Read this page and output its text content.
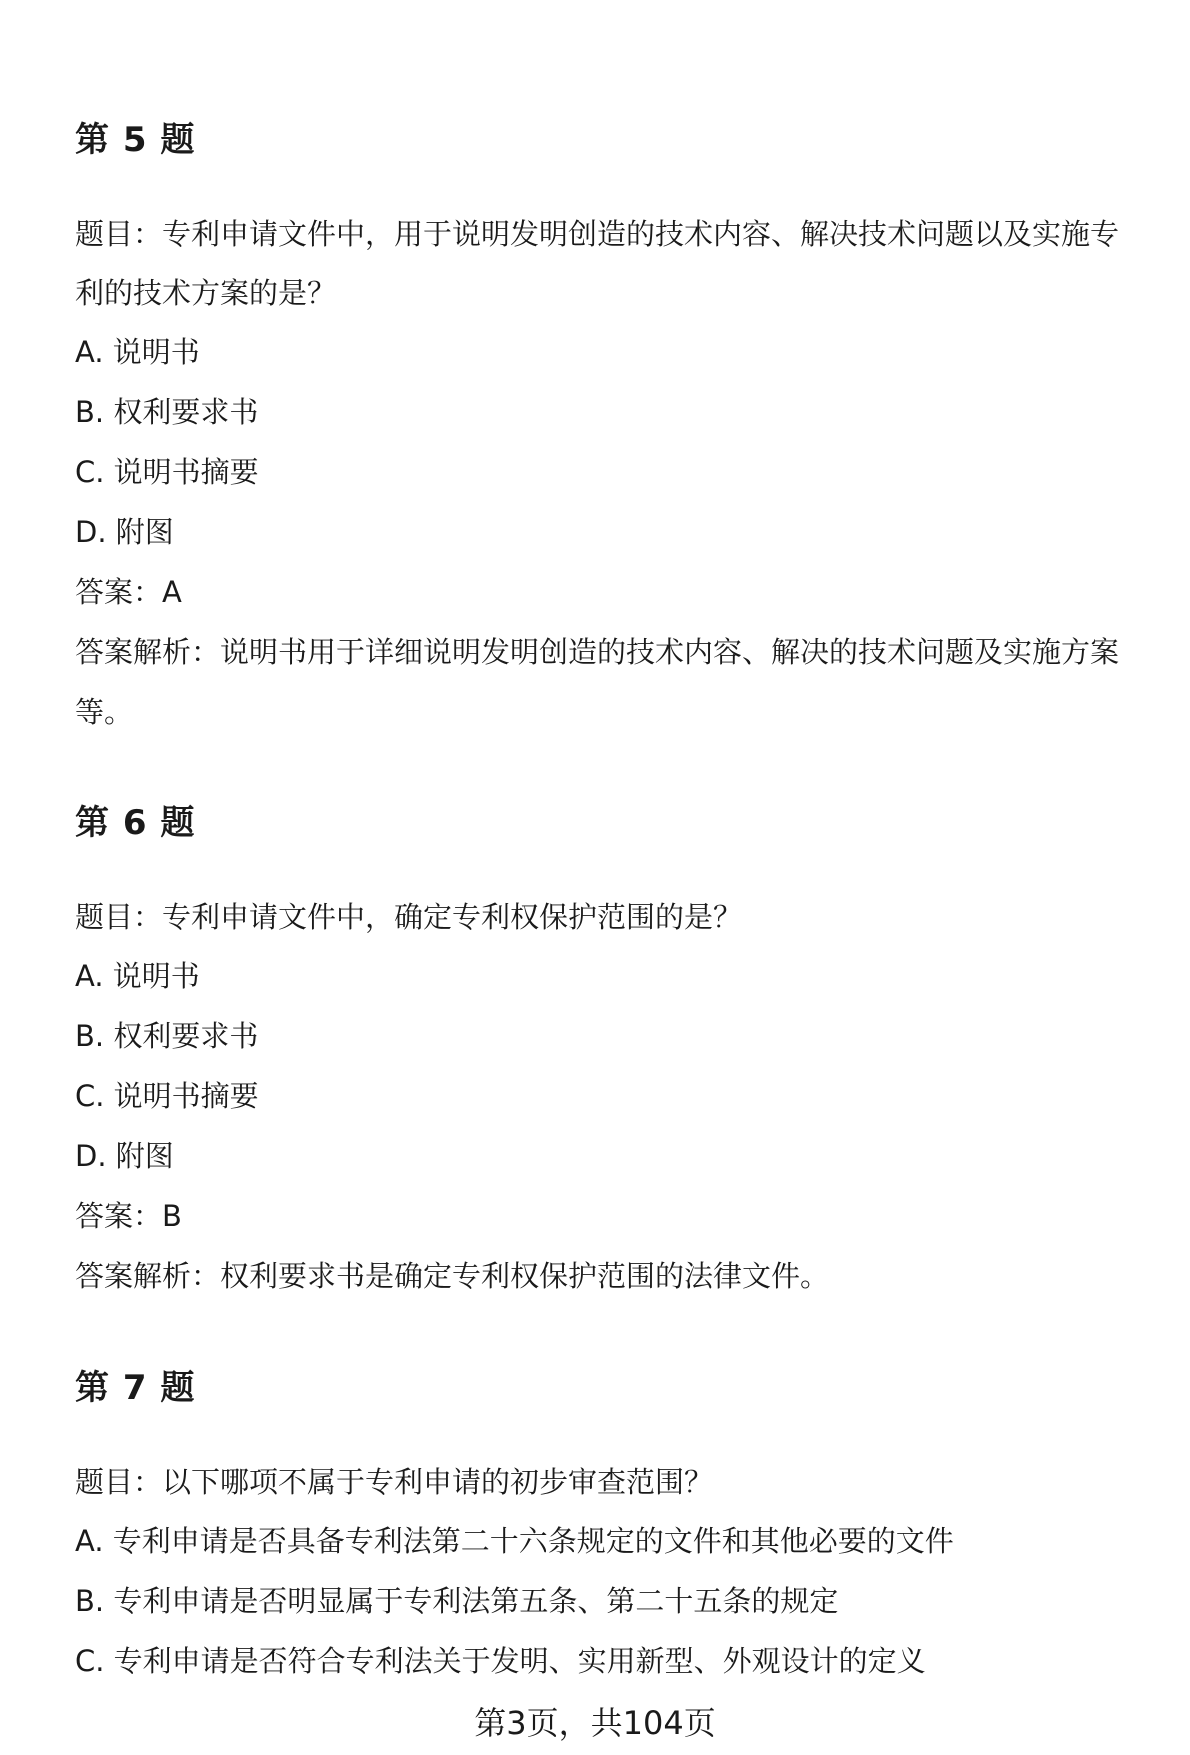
第 5 题
题目：专利申请文件中，用于说明发明创造的技术内容、解决技术问题以及实施专
利的技术方案的是？
A. 说明书
B. 权利要求书
C. 说明书摘要
D. 附图
答案：A
答案解析：说明书用于详细说明发明创造的技术内容、解决的技术问题及实施方案
等。
第 6 题
题目：专利申请文件中，确定专利权保护范围的是？
A. 说明书
B. 权利要求书
C. 说明书摘要
D. 附图
答案：B
答案解析：权利要求书是确定专利权保护范围的法律文件。
第 7 题
题目：以下哪项不属于专利申请的初步审查范围？
A. 专利申请是否具备专利法第二十六条规定的文件和其他必要的文件
B. 专利申请是否明显属于专利法第五条、第二十五条的规定
C. 专利申请是否符合专利法关于发明、实用新型、外观设计的定义
第3页，共104页
